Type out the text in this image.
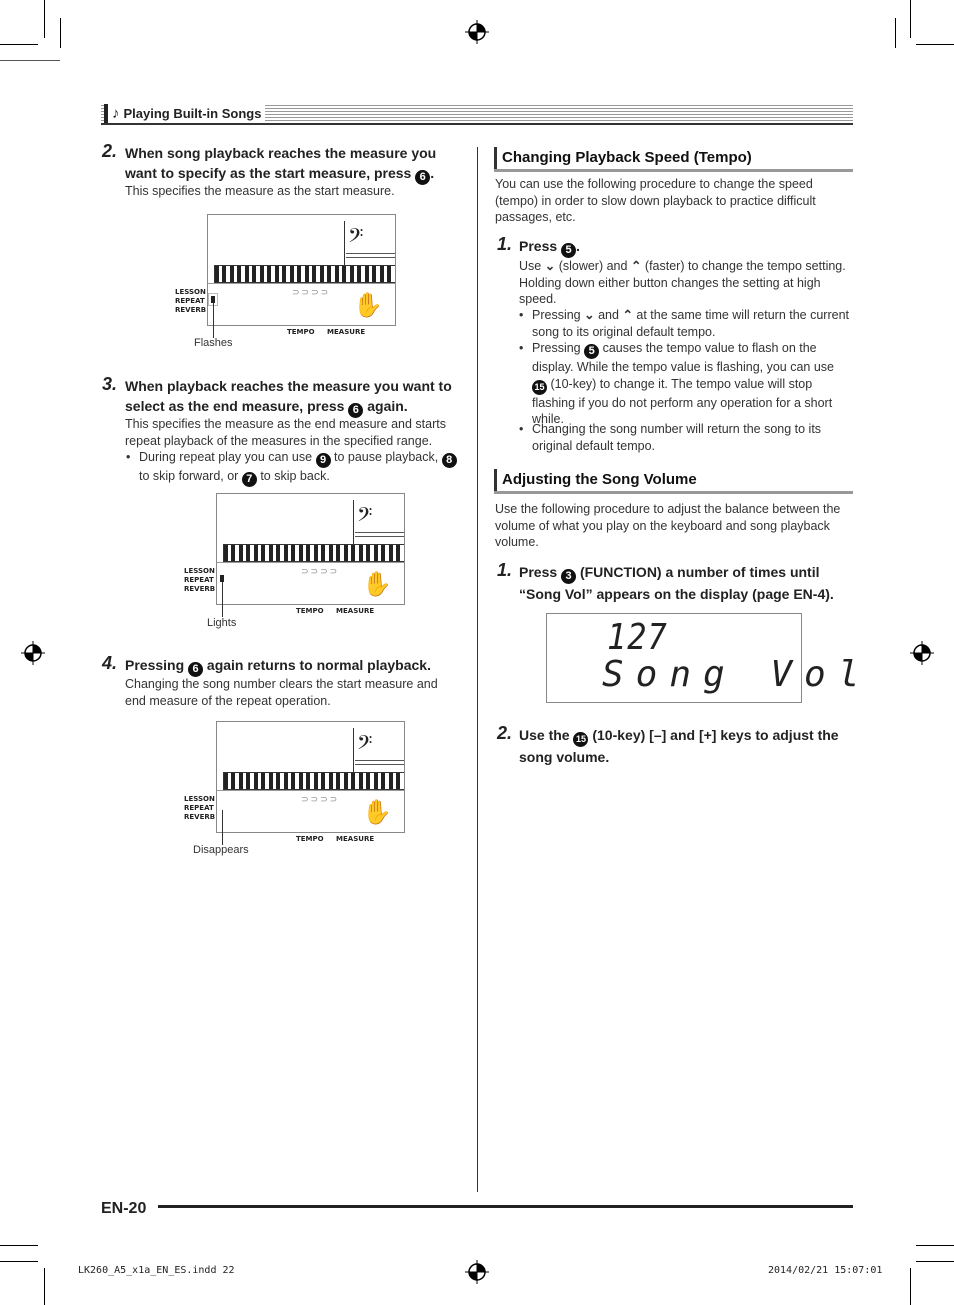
♪ Playing Built-in Songs
2. When song playback reaches the measure you want to specify as the start measure, press 6 .
This specifies the measure as the start measure.
𝄢
✋
⊃⊃⊃⊃
LESSON
REPEAT
REVERB
TEMPO MEASURE
Flashes
3. When playback reaches the measure you want to select as the end measure, press 6 again.
This specifies the measure as the end measure and starts repeat playback of the measures in the specified range.
• During repeat play you can use 9 to pause playback, 8 to skip forward, or 7 to skip back.
𝄢
✋
⊃⊃⊃⊃
LESSON
REPEAT
REVERB
TEMPO MEASURE
Lights
4. Pressing 6 again returns to normal playback.
Changing the song number clears the start measure and end measure of the repeat operation.
𝄢
✋
⊃⊃⊃⊃
LESSON
REPEAT
REVERB
TEMPO MEASURE
Disappears
Changing Playback Speed (Tempo)
You can use the following procedure to change the speed (tempo) in order to slow down playback to practice difficult passages, etc.
1. Press 5 .
Use ⌄ (slower) and ⌃ (faster) to change the tempo setting. Holding down either button changes the setting at high speed.
• Pressing ⌄ and ⌃ at the same time will return the current song to its original default tempo.
• Pressing 5 causes the tempo value to flash on the display. While the tempo value is flashing, you can use 15 (10-key) to change it. The tempo value will stop flashing if you do not perform any operation for a short while.
• Changing the song number will return the song to its original default tempo.
Adjusting the Song Volume
Use the following procedure to adjust the balance between the volume of what you play on the keyboard and song playback volume.
1. Press 3 (FUNCTION) a number of times until “Song Vol” appears on the display (page EN-4).
127
Song Vol
2. Use the 15 (10-key) [–] and [+] keys to adjust the song volume.
EN-20
LK260_A5_x1a_EN_ES.indd 22	2014/02/21 15:07:01
